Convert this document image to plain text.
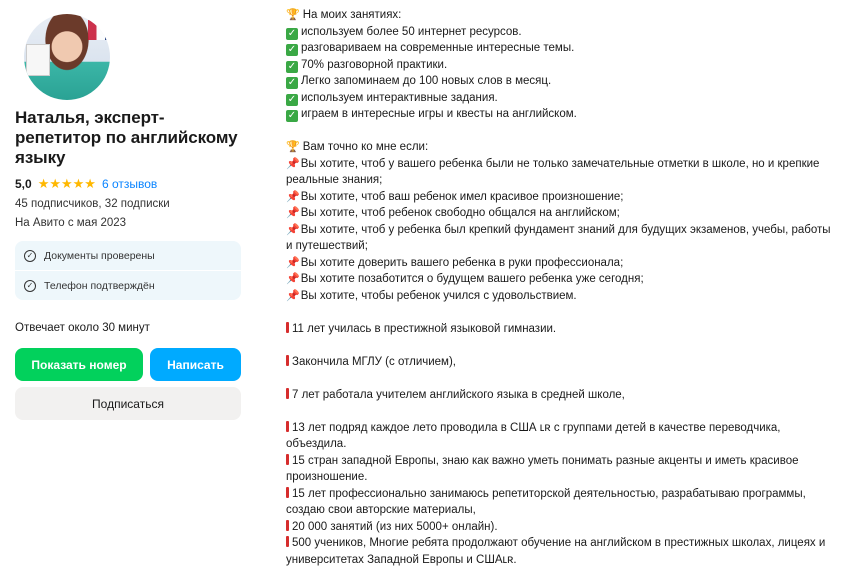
Наталья, эксперт-репетитор по английскому языку
5,0 ★★★★★ 6 отзывов
45 подписчиков, 32 подписки
На Авито с мая 2023
✓ Документы проверены
✓ Телефон подтверждён
Отвечает около 30 минут
Показать номер	Написать
Подписаться

🏆 На моих занятиях:

✓ используем более 50 интернет ресурсов.

✓ разговариваем на современные интересные темы.

✓ 70% разговорной практики.

✓ Легко запоминаем до 100 новых слов в месяц.

✓ используем интерактивные задания.

✓ играем в интересные игры и квесты на английском.

🏆 Вам точно ко мне если:

📌Вы хотите, чтоб у вашего ребенка были не только замечательные отметки в школе, но и крепкие реальные знания;

📌Вы хотите, чтоб ваш ребенок имел красивое произношение;

📌Вы хотите, чтоб ребенок свободно общался на английском;

📌Вы хотите, чтоб у ребенка был крепкий фундамент знаний для будущих экзаменов, учебы, работы и путешествий;

📌Вы хотите доверить вашего ребенка в руки профессионала;

📌Вы хотите позаботится о будущем вашего ребенка уже сегодня;

📌Вы хотите, чтобы ребенок учился с удовольствием.

11 лет училась в престижной языковой гимназии.

Закончила МГЛУ (с отличием),

7 лет работала учителем английского языка в средней школе,

13 лет подряд каждое лето проводила в США ʟʀ с группами детей в качестве переводчика, объездила.

15 стран западной Европы, знаю как важно уметь понимать разные акценты и иметь красивое произношение.

15 лет профессионально занимаюсь репетиторской деятельностью, разрабатываю программы, создаю свои авторские материалы,

20 000 занятий (из них 5000+ онлайн).

500 учеников, Многие ребята продолжают обучение на английском в престижных школах, лицеях и университетах Западной Европы и СШАʟʀ.
